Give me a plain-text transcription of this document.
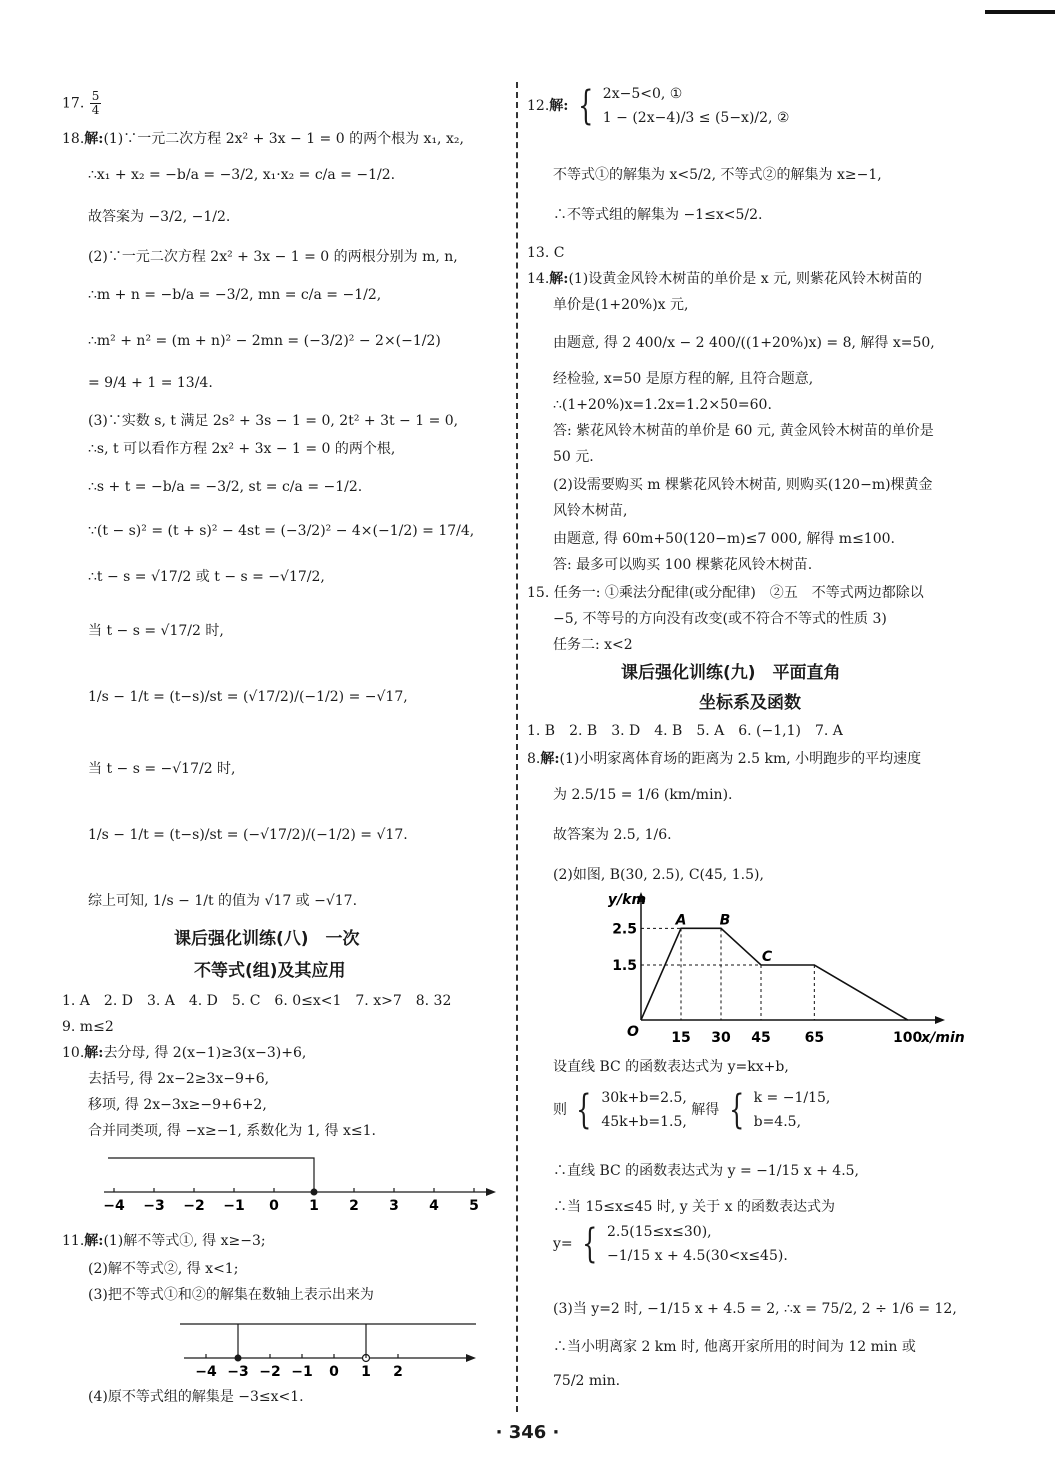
17. $\frac{5}{4}$
18.解:(1)∵一元二次方程 2x² + 3x − 1 = 0 的两个根为 x₁, x₂,
∴x₁ + x₂ = −b/a = −3/2, x₁·x₂ = c/a = −1/2.
故答案为 −3/2, −1/2.
(2)∵一元二次方程 2x² + 3x − 1 = 0 的两根分别为 m, n,
∴m + n = −b/a = −3/2, mn = c/a = −1/2,
∴m² + n² = (m + n)² − 2mn = (−3/2)² − 2×(−1/2)
= 9/4 + 1 = 13/4.
(3)∵实数 s, t 满足 2s² + 3s − 1 = 0, 2t² + 3t − 1 = 0,
∴s, t 可以看作方程 2x² + 3x − 1 = 0 的两个根,
∴s + t = −b/a = −3/2, st = c/a = −1/2.
∵(t − s)² = (t + s)² − 4st = (−3/2)² − 4×(−1/2) = 17/4,
∴t − s = √17/2 或 t − s = −√17/2,
当 t − s = √17/2 时,
1/s − 1/t = (t−s)/st = (√17/2)/(−1/2) = −√17,
当 t − s = −√17/2 时,
1/s − 1/t = (t−s)/st = (−√17/2)/(−1/2) = √17.
综上可知, 1/s − 1/t 的值为 √17 或 −√17.
课后强化训练(八)　一次
不等式(组)及其应用
1. A　2. D　3. A　4. D　5. C　6. 0≤x<1　7. x>7　8. 32
9. m≤2
10.解:去分母, 得 2(x−1)≥3(x−3)+6,
去括号, 得 2x−2≥3x−9+6,
移项, 得 2x−3x≥−9+6+2,
合并同类项, 得 −x≥−1, 系数化为 1, 得 x≤1.
−4 −3 −2 −1 0 1 2 3 4 5
11.解:(1)解不等式①, 得 x≥−3;
(2)解不等式②, 得 x<1;
(3)把不等式①和②的解集在数轴上表示出来为
−4 −3 −2 −1 0 1 2
(4)原不等式组的解集是 −3≤x<1.
12.解: { 2x−5<0, ①
1 − (2x−4)/3 ≤ (5−x)/2, ②
不等式①的解集为 x<5/2, 不等式②的解集为 x≥−1,
∴不等式组的解集为 −1≤x<5/2.
13. C
14.解:(1)设黄金风铃木树苗的单价是 x 元, 则紫花风铃木树苗的
单价是(1+20%)x 元,
由题意, 得 2 400/x − 2 400/((1+20%)x) = 8, 解得 x=50,
经检验, x=50 是原方程的解, 且符合题意,
∴(1+20%)x=1.2x=1.2×50=60.
答: 紫花风铃木树苗的单价是 60 元, 黄金风铃木树苗的单价是
50 元.
(2)设需要购买 m 棵紫花风铃木树苗, 则购买(120−m)棵黄金
风铃木树苗,
由题意, 得 60m+50(120−m)≤7 000, 解得 m≤100.
答: 最多可以购买 100 棵紫花风铃木树苗.
15. 任务一: ①乘法分配律(或分配律)　②五　不等式两边都除以
−5, 不等号的方向没有改变(或不符合不等式的性质 3)
任务二: x<2
课后强化训练(九)　平面直角
坐标系及函数
1. B　2. B　3. D　4. B　5. A　6. (−1,1)　7. A
8.解:(1)小明家离体育场的距离为 2.5 km, 小明跑步的平均速度
为 2.5/15 = 1/6 (km/min).
故答案为 2.5, 1/6.
(2)如图, B(30, 2.5), C(45, 1.5),
y/km
x/min
2.5
1.5
15 30 45 65	100
O
A B
C
设直线 BC 的函数表达式为 y=kx+b,
则 { 30k+b=2.5,
45k+b=1.5,
解得 { k = −1/15,
b=4.5,
∴直线 BC 的函数表达式为 y = −1/15 x + 4.5,
∴当 15≤x≤45 时, y 关于 x 的函数表达式为
y= { 2.5(15≤x≤30),
−1/15 x + 4.5(30<x≤45).
(3)当 y=2 时, −1/15 x + 4.5 = 2, ∴x = 75/2, 2 ÷ 1/6 = 12,
∴当小明离家 2 km 时, 他离开家所用的时间为 12 min 或
75/2 min.
· 346 ·
